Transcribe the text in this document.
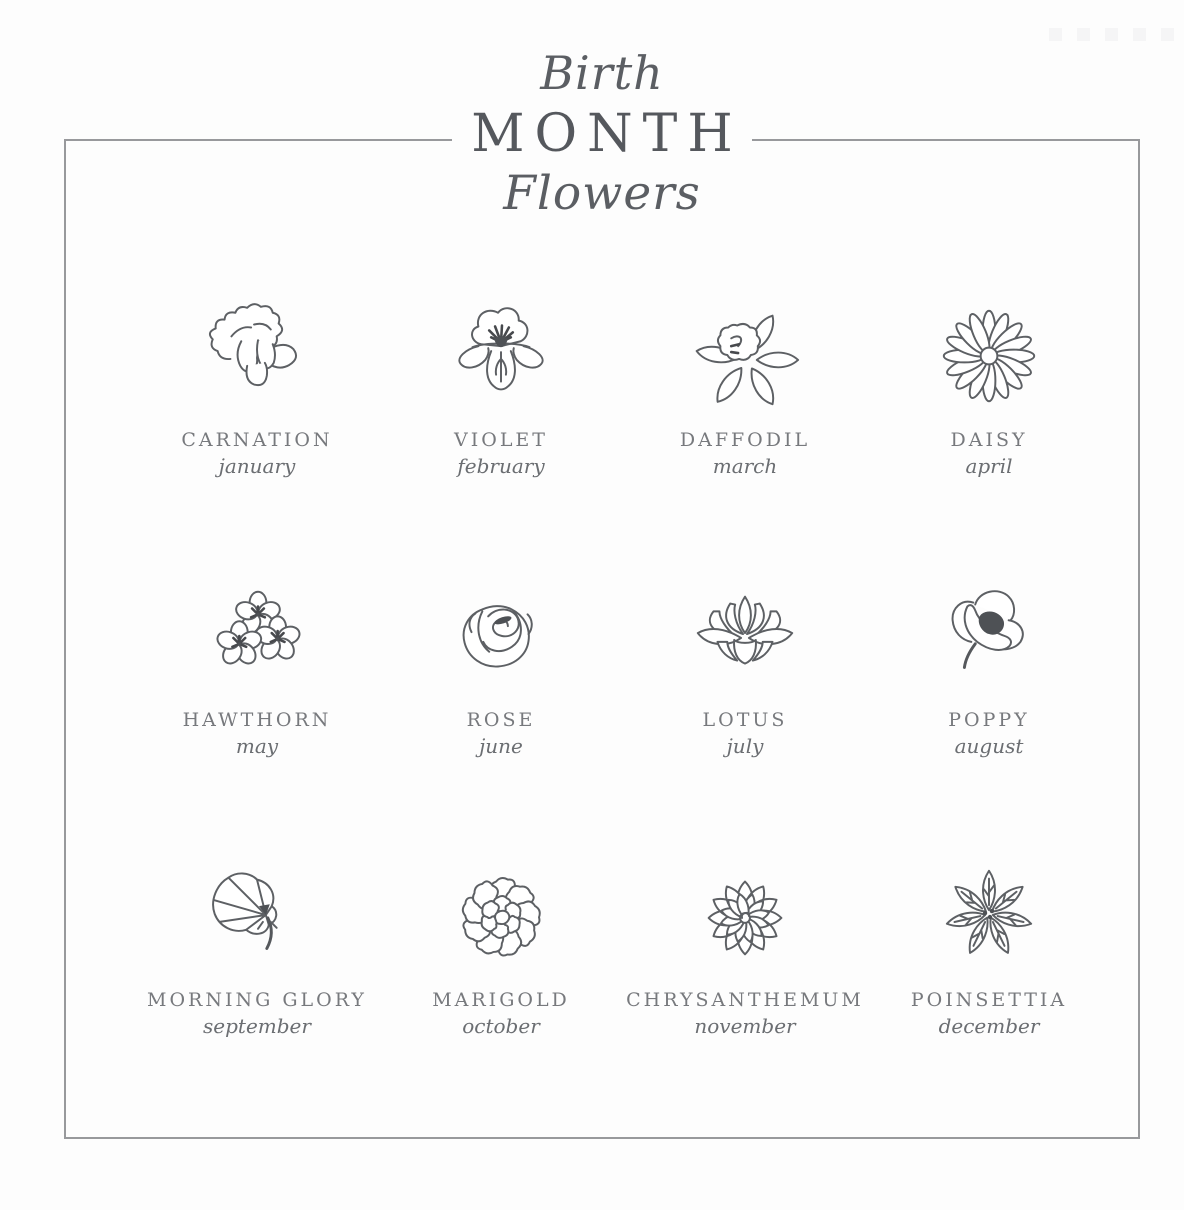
Birth
MONTH
Flowers
CARNATION
january
VIOLET
february
DAFFODIL
march
DAISY
april
HAWTHORN
may
ROSE
june
LOTUS
july
POPPY
august
MORNING GLORY
september
MARIGOLD
october
CHRYSANTHEMUM
november
POINSETTIA
december
